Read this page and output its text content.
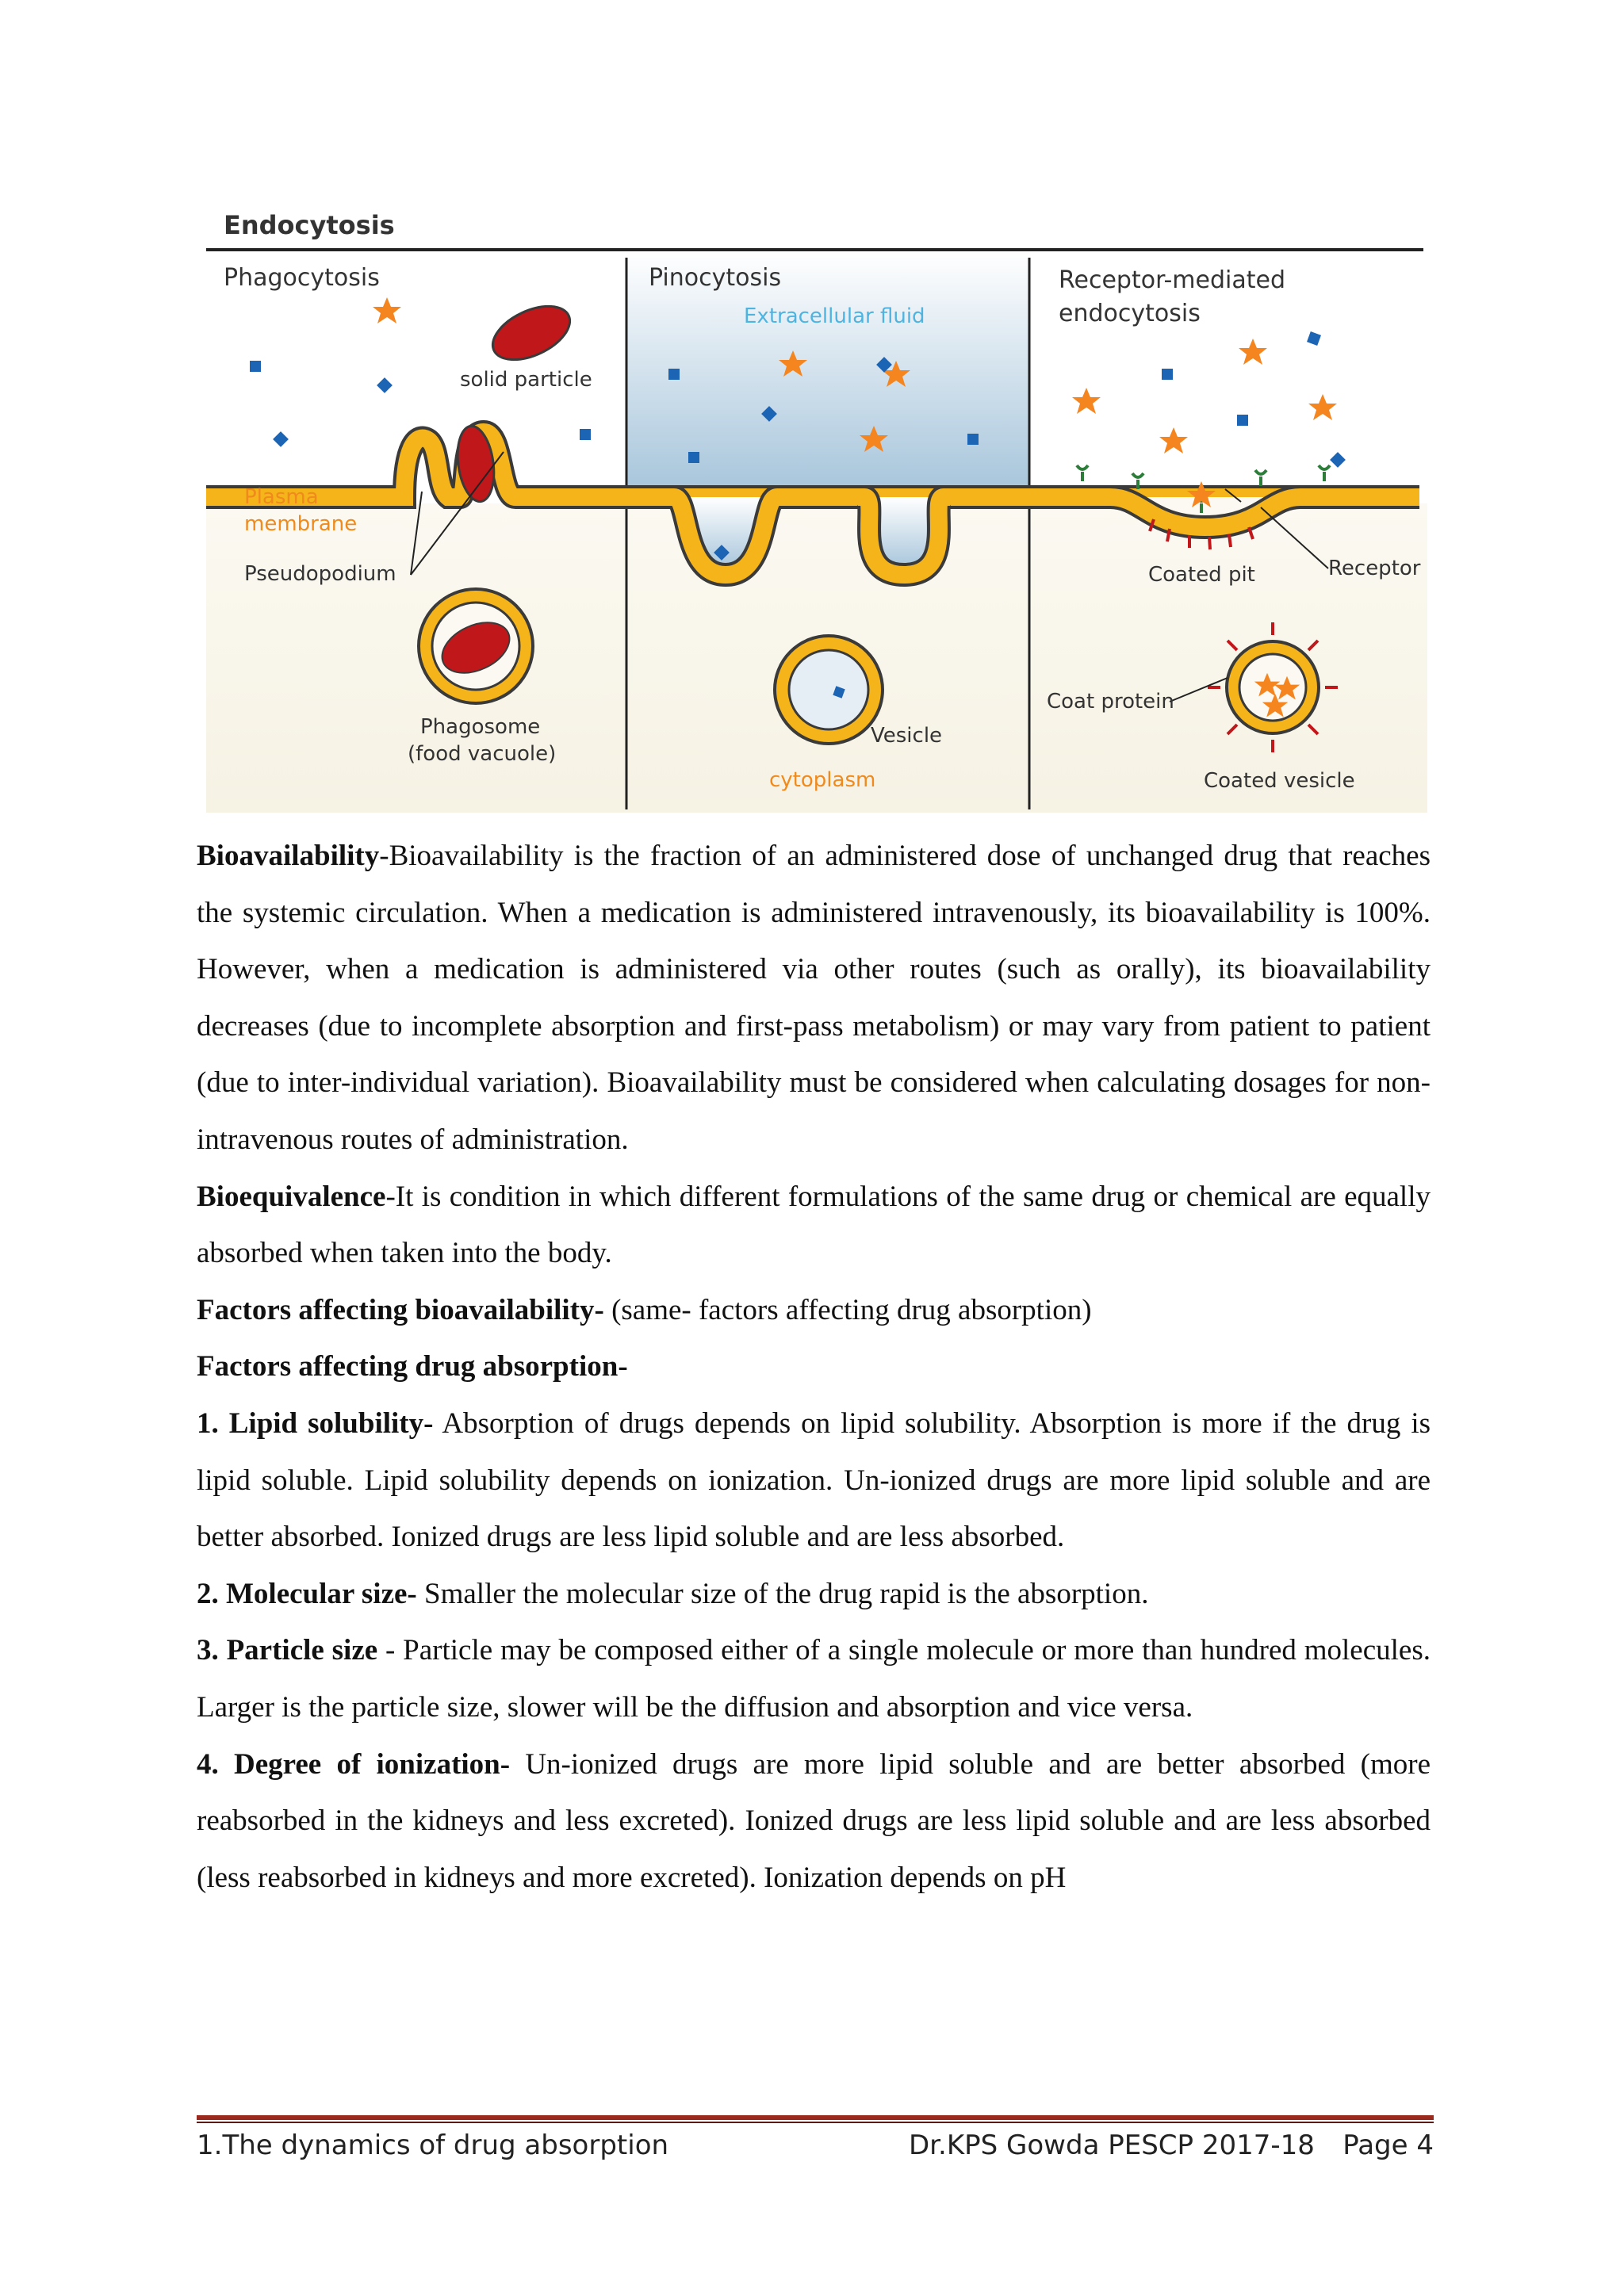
Endocytosis
Phagocytosis
solid particle
Plasma
membrane
Pseudopodium
Phagosome
(food vacuole)
Pinocytosis
Extracellular fluid
Vesicle
cytoplasm
Receptor-mediated
endocytosis
Coated pit	Receptor
Coat protein
Coated vesicle

Bioavailability-Bioavailability is the fraction of an administered dose of unchanged drug that reaches the systemic circulation. When a medication is administered intravenously, its bioavailability is 100%. However, when a medication is administered via other routes (such as orally), its bioavailability decreases (due to incomplete absorption and first-pass metabolism) or may vary from patient to patient (due to inter-individual variation). Bioavailability must be considered when calculating dosages for non-intravenous routes of administration.

Bioequivalence-It is condition in which different formulations of the same drug or chemical are equally absorbed when taken into the body.

Factors affecting bioavailability- (same- factors affecting drug absorption)

Factors affecting drug absorption-

1. Lipid solubility- Absorption of drugs depends on lipid solubility. Absorption is more if the drug is lipid soluble. Lipid solubility depends on ionization. Un-ionized drugs are more lipid soluble and are better absorbed. Ionized drugs are less lipid soluble and are less absorbed.

2. Molecular size- Smaller the molecular size of the drug rapid is the absorption.

3. Particle size - Particle may be composed either of a single molecule or more than hundred molecules. Larger is the particle size, slower will be the diffusion and absorption and vice versa.

4. Degree of ionization- Un-ionized drugs are more lipid soluble and are better absorbed (more reabsorbed in the kidneys and less excreted). Ionized drugs are less lipid soluble and are less absorbed (less reabsorbed in kidneys and more excreted). Ionization depends on pH

1.The dynamics of drug absorption	Dr.KPS Gowda PESCP 2017-18 Page 4
